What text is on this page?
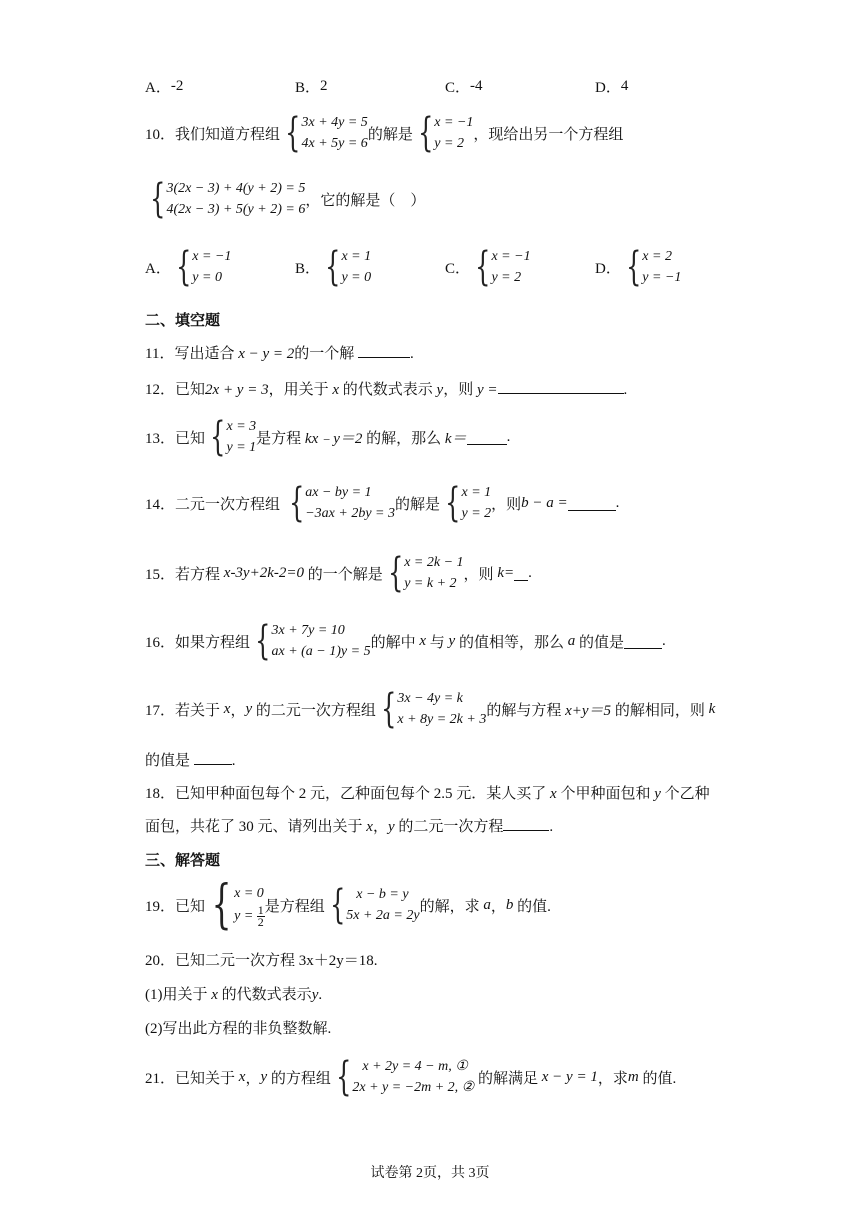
A． -2	B． 2	C． -4	D． 4
10． 我们知道方程组 { 3x + 4y = 5
4x + 5y = 6
的解是 { x = −1
y = 2
，现给出另一个方程组
{ 3(2x − 3) + 4(y + 2) = 5
4(2x − 3) + 5(y + 2) = 6
，它的解是（　）
A． { x = −1
y = 0
B． { x = 1
y = 0
C． { x = −1
y = 2
D． { x = 2
y = −1
二、填空题
11．写出适合 x − y = 2的一个解	.
12．已知2x + y = 3，用关于 x 的代数式表示 y，则 y =	.
13． 已知 { x = 3
y = 1
是方程
kx﹣y＝2
的解，那么
k＝	.
14． 二元一次方程组
{ ax − by = 1
−3ax + 2by = 3
的解是 { x = 1
y = 2
，则 b − a =	.
15． 若方程
x-3y+2k-2=0
的一个解是 { x = 2k − 1
y = k + 2
，则
k= .
16． 如果方程组 { 3x + 7y = 10
ax + (a − 1)y = 5
的解中
x
与
y
的值相等，那么
a
的值是	.
17． 若关于
x ， y
的二元一次方程组 { 3x − 4y = k
x + 8y = 2k + 3
的解与方程
x+y＝5
的解相同，则
k
的值是	.
18．已知甲种面包每个 2 元，乙种面包每个 2.5 元．某人买了 x 个甲种面包和 y 个乙种
面包，共花了 30 元、请列出关于 x，y 的二元一次方程	.
三、解答题
19． 已知 { x = 0
$y = \frac{1}{2}$ 是方程组 { x − b = y
5x + 2a = 2y
的解，求
a ， b
的值.
20．已知二元一次方程 3x＋2y＝18.
(1)用关于 x 的代数式表示y.
(2)写出此方程的非负整数解.
21． 已知关于
x ， y
的方程组 { x + 2y = 4 − m, ①
2x + y = −2m + 2, ②

的解满足
x − y = 1 ，求 m
的值.
试卷第 2页，共 3页
